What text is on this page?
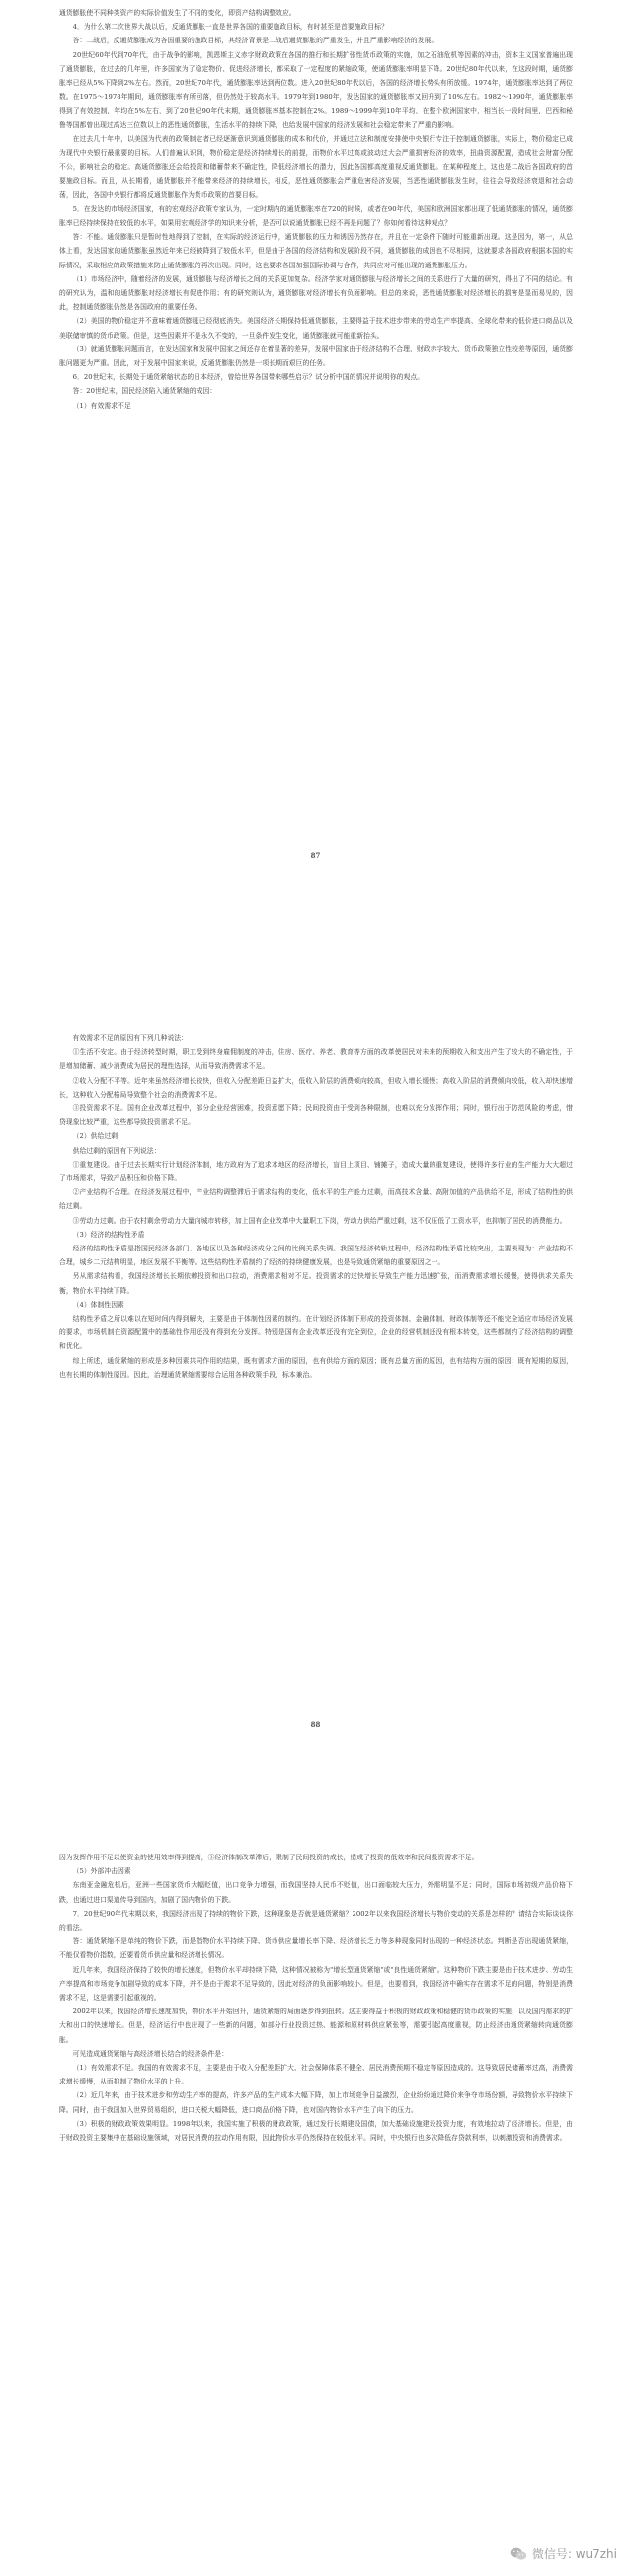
通货膨胀使不同种类资产的实际价值发生了不同的变化，即资产结构调整效应。

4．为什么第二次世界大战以后，反通货膨胀一直是世界各国的重要施政目标，有时甚至是首要施政目标？

答：二战后，反通货膨胀成为各国重要的施政目标，其经济背景是二战后通货膨胀的严重发生，并且严重影响经济的发展。

20世纪60年代到70年代，由于战争的影响，凯恩斯主义赤字财政政策在各国的推行和长期扩张性货币政策的实施，加之石油危机等因素的冲击，资本主义国家普遍出现了通货膨胀，在过去的几年里，许多国家为了稳定物价、促进经济增长，都采取了一定程度的紧缩政策，使通货膨胀率明显下降。20世纪80年代以来，在这段时期，通货膨胀率已经从5%下降到2%左右。然而，20世纪70年代，通货膨胀率达到两位数。进入20世纪80年代以后，各国的经济增长势头有所放缓。1974年，通货膨胀率达到了两位数。在1975～1978年期间，通货膨胀率有所回落，但仍然处于较高水平。1979年到1980年，发达国家的通货膨胀率又回升到了10%左右。1982～1990年，通货膨胀率得到了有效控制，年均在5%左右，到了20世纪90年代末期，通货膨胀率基本控制在2%。1989～1999年到10年平均，在整个欧洲国家中，相当长一段时间里，巴西和秘鲁等国都曾出现过高达三位数以上的恶性通货膨胀，生活水平的持续下降，也给发展中国家的经济发展和社会稳定带来了严重的影响。

在过去几十年中，以美国为代表的政策制定者已经逐渐意识到通货膨胀的成本和代价，并通过立法和制度安排使中央银行专注于控制通货膨胀，实际上，物价稳定已成为现代中央银行最重要的目标。人们普遍认识到，物价稳定是经济持续增长的前提，而物价水平过高或波动过大会严重损害经济的效率，扭曲资源配置，造成社会财富分配不公，影响社会的稳定。高通货膨胀还会给投资和储蓄带来不确定性，降低经济增长的潜力，因此各国都高度重视反通货膨胀。在某种程度上，这也是二战后各国政府的首要施政目标。而且，从长期看，通货膨胀并不能带来经济的持续增长，相反，恶性通货膨胀会严重危害经济发展，当恶性通货膨胀发生时，往往会导致经济衰退和社会动荡，因此，各国中央银行都将反通货膨胀作为货币政策的首要目标。

5．在发达的市场经济国家，有的宏观经济政策专家认为，一定时期内的通货膨胀率在720的时候，或者在90年代，美国和欧洲国家都出现了低通货膨胀的情况，通货膨胀率已经持续保持在较低的水平，如果用宏观经济学的知识来分析，是否可以说通货膨胀已经不再是问题了？你如何看待这种观点？

答：不能。通货膨胀只是暂时性地得到了控制，在实际的经济运行中，通货膨胀的压力和诱因仍然存在，并且在一定条件下随时可能重新出现。这是因为，第一，从总体上看，发达国家的通货膨胀虽然近年来已经被降到了较低水平，但是由于各国的经济结构和发展阶段不同，通货膨胀的成因也不尽相同，这就要求各国政府根据本国的实际情况，采取相应的政策措施来防止通货膨胀的再次出现。同时，这也要求各国加强国际协调与合作，共同应对可能出现的通货膨胀压力。

（1）市场经济中，随着经济的发展，通货膨胀与经济增长之间的关系更加复杂。经济学家对通货膨胀与经济增长之间的关系进行了大量的研究，得出了不同的结论。有的研究认为，温和的通货膨胀对经济增长有促进作用；有的研究则认为，通货膨胀对经济增长有负面影响。但总的来说，恶性通货膨胀对经济增长的损害是显而易见的，因此，控制通货膨胀仍然是各国政府的重要任务。

（2）美国的物价稳定并不意味着通货膨胀已经彻底消失。美国经济长期保持低通货膨胀，主要得益于技术进步带来的劳动生产率提高、全球化带来的低价进口商品以及美联储审慎的货币政策。但是，这些因素并不是永久不变的，一旦条件发生变化，通货膨胀就可能重新抬头。

（3）就通货膨胀问题而言，在发达国家和发展中国家之间还存在着显著的差异，发展中国家由于经济结构不合理、财政赤字较大、货币政策独立性较差等原因，通货膨胀问题更为严重。因此，对于发展中国家来说，反通货膨胀仍然是一项长期而艰巨的任务。

6．20世纪末，长期处于通货紧缩状态的日本经济，曾给世界各国带来哪些启示？试分析中国的情况并说明你的观点。

答：20世纪末，国民经济陷入通货紧缩的成因：

（1）有效需求不足

87

有效需求不足的原因有下列几种说法：

①生活不安定。由于经济转型时期，职工受到终身雇佣制度的冲击，住房、医疗、养老、教育等方面的改革使居民对未来的预期收入和支出产生了较大的不确定性，于是增加储蓄、减少消费成为居民的理性选择，从而导致消费需求不足。

②收入分配不平等。近年来虽然经济增长较快，但收入分配差距日益扩大，低收入阶层的消费倾向较高，但收入增长缓慢；高收入阶层的消费倾向较低，收入却快速增长，这种收入分配格局导致整个社会的消费需求不足。

③投资需求不足。国有企业改革过程中，部分企业经营困难，投资意愿下降；民间投资由于受到各种限制，也难以充分发挥作用；同时，银行出于防范风险的考虑，惜贷现象比较严重，这些都导致投资需求不足。

（2）供给过剩

供给过剩的原因有下列说法：

①重复建设。由于过去长期实行计划经济体制，地方政府为了追求本地区的经济增长，盲目上项目、铺摊子，造成大量的重复建设，使得许多行业的生产能力大大超过了市场需求，导致产品积压和价格下降。

②产业结构不合理。在经济发展过程中，产业结构调整滞后于需求结构的变化，低水平的生产能力过剩，而高技术含量、高附加值的产品供给不足，形成了结构性的供给过剩。

③劳动力过剩。由于农村剩余劳动力大量向城市转移，加上国有企业改革中大量职工下岗，劳动力供给严重过剩，这不仅压低了工资水平，也抑制了居民的消费能力。

（3）经济的结构性矛盾

经济的结构性矛盾是指国民经济各部门、各地区以及各种经济成分之间的比例关系失调。我国在经济转轨过程中，经济结构性矛盾比较突出，主要表现为：产业结构不合理，城乡二元结构明显，地区发展不平衡等。这些结构性矛盾制约了经济的持续健康发展，也是导致通货紧缩的重要原因之一。

另从需求结构看，我国经济增长长期依赖投资和出口拉动，消费需求相对不足。投资需求的过快增长导致生产能力迅速扩张，而消费需求增长缓慢，使得供求关系失衡，物价水平持续下降。

（4）体制性因素

结构性矛盾之所以难以在短时间内得到解决，主要是由于体制性因素的制约。在计划经济体制下形成的投资体制、金融体制、财政体制等还不能完全适应市场经济发展的要求，市场机制在资源配置中的基础性作用还没有得到充分发挥。特别是国有企业改革还没有完全到位，企业的经营机制还没有根本转变，这些都制约了经济结构的调整和优化。

综上所述，通货紧缩的形成是多种因素共同作用的结果，既有需求方面的原因，也有供给方面的原因；既有总量方面的原因，也有结构方面的原因；既有短期的原因，也有长期的体制性原因。因此，治理通货紧缩需要综合运用各种政策手段，标本兼治。

88

因为发挥作用不足以使资金的使用效率得到提高，③经济体制改革滞后，限制了民间投资的成长，造成了投资的低效率和民间投资需求不足。

（5）外部冲击因素

东南亚金融危机后，亚洲一些国家货币大幅贬值，出口竞争力增强，而我国坚持人民币不贬值，出口面临较大压力，外需明显不足；同时，国际市场初级产品价格下跌，也通过进口渠道传导到国内，加剧了国内物价的下跌。

7．20世纪90年代末期以来，我国经济出现了持续的物价下跌，这种现象是否就是通货紧缩？2002年以来我国经济增长与物价变动的关系是怎样的？请结合实际谈谈你的看法。

答：通货紧缩不是单纯的物价下跌，而是指物价水平持续下降、货币供应量增长率下降、经济增长乏力等多种现象同时出现的一种经济状态。判断是否出现通货紧缩，不能仅看物价指数，还要看货币供应量和经济增长情况。

近几年来，我国经济保持了较快的增长速度，但物价水平却持续下降，这种情况被称为"增长型通货紧缩"或"良性通货紧缩"。这种物价下跌主要是由于技术进步、劳动生产率提高和市场竞争加剧导致的成本下降，并不是由于需求不足导致的，因此对经济的负面影响较小。但是，也要看到，我国经济中确实存在需求不足的问题，特别是消费需求不足，这是需要引起重视的。

2002年以来，我国经济增长速度加快，物价水平开始回升，通货紧缩的局面逐步得到扭转。这主要得益于积极的财政政策和稳健的货币政策的实施，以及国内需求的扩大和出口的快速增长。但是，经济运行中也出现了一些新的问题，如部分行业投资过热、能源和原材料供应紧张等，需要引起高度重视，防止经济由通货紧缩转向通货膨胀。

可见造成通货紧缩与高经济增长结合的经济条件是：

（1）有效需求不足。我国的有效需求不足，主要是由于收入分配差距扩大、社会保障体系不健全、居民消费预期不稳定等原因造成的。这导致居民储蓄率过高，消费需求增长缓慢，从而抑制了物价水平的上升。

（2）近几年来，由于技术进步和劳动生产率的提高，许多产品的生产成本大幅下降，加上市场竞争日益激烈，企业纷纷通过降价来争夺市场份额，导致物价水平持续下降。同时，由于我国加入世界贸易组织，进口关税大幅降低，进口商品价格下降，也对国内物价水平产生了向下的压力。

（3）积极的财政政策效果明显。1998年以来，我国实施了积极的财政政策，通过发行长期建设国债，加大基础设施建设投资力度，有效地拉动了经济增长。但是，由于财政投资主要集中在基础设施领域，对居民消费的拉动作用有限，因此物价水平仍然保持在较低水平。同时，中央银行也多次降低存贷款利率，以刺激投资和消费需求。

微信号: wu7zhi
